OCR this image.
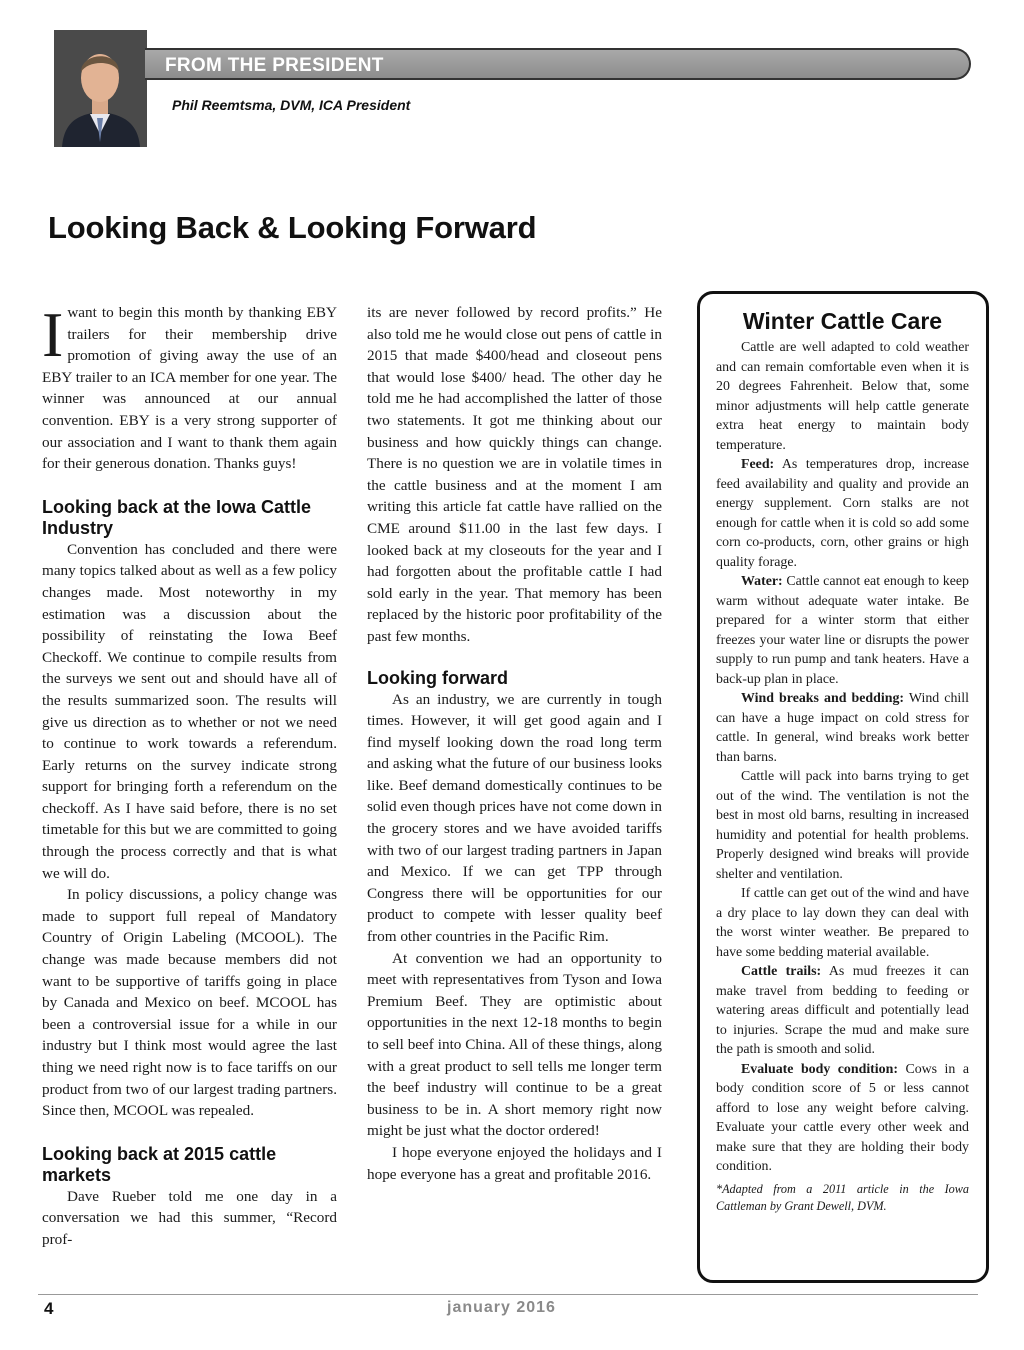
FROM THE PRESIDENT
Phil Reemtsma, DVM, ICA President
Looking Back & Looking Forward

Iwant to begin this month by thanking EBY trailers for their membership drive promotion of giving away the use of an EBY trailer to an ICA member for one year. The winner was announced at our annual convention. EBY is a very strong supporter of our association and I want to thank them again for their generous donation. Thanks guys!

Looking back at the Iowa Cattle Industry

Convention has concluded and there were many topics talked about as well as a few policy changes made. Most noteworthy in my estimation was a discussion about the possibility of reinstating the Iowa Beef Checkoff. We continue to compile results from the surveys we sent out and should have all of the results summarized soon. The results will give us direction as to whether or not we need to continue to work towards a referendum. Early returns on the survey indicate strong support for bringing forth a referendum on the checkoff. As I have said before, there is no set timetable for this but we are committed to going through the process correctly and that is what we will do.

In policy discussions, a policy change was made to support full repeal of Mandatory Country of Origin Labeling (MCOOL). The change was made because members did not want to be supportive of tariffs going in place by Canada and Mexico on beef. MCOOL has been a controversial issue for a while in our industry but I think most would agree the last thing we need right now is to face tariffs on our product from two of our largest trading partners. Since then, MCOOL was repealed.

Looking back at 2015 cattle markets

Dave Rueber told me one day in a conversation we had this summer, “Record prof-

its are never followed by record profits.” He also told me he would close out pens of cattle in 2015 that made $400/head and closeout pens that would lose $400/ head. The other day he told me he had accomplished the latter of those two statements. It got me thinking about our business and how quickly things can change. There is no question we are in volatile times in the cattle business and at the moment I am writing this article fat cattle have rallied on the CME around $11.00 in the last few days. I looked back at my closeouts for the year and I had forgotten about the profitable cattle I had sold early in the year. That memory has been replaced by the historic poor profitability of the past few months.

Looking forward

As an industry, we are currently in tough times. However, it will get good again and I find myself looking down the road long term and asking what the future of our business looks like. Beef demand domestically continues to be solid even though prices have not come down in the grocery stores and we have avoided tariffs with two of our largest trading partners in Japan and Mexico. If we can get TPP through Congress there will be opportunities for our product to compete with lesser quality beef from other countries in the Pacific Rim.

At convention we had an opportunity to meet with representatives from Tyson and Iowa Premium Beef. They are optimistic about opportunities in the next 12-18 months to begin to sell beef into China. All of these things, along with a great product to sell tells me longer term the beef industry will continue to be a great business to be in. A short memory right now might be just what the doctor ordered!

I hope everyone enjoyed the holidays and I hope everyone has a great and profitable 2016.

Winter Cattle Care

Cattle are well adapted to cold weather and can remain comfortable even when it is 20 degrees Fahrenheit. Below that, some minor adjustments will help cattle generate extra heat energy to maintain body temperature.

Feed: As temperatures drop, increase feed availability and quality and provide an energy supplement. Corn stalks are not enough for cattle when it is cold so add some corn co-products, corn, other grains or high quality forage.

Water: Cattle cannot eat enough to keep warm without adequate water intake. Be prepared for a winter storm that either freezes your water line or disrupts the power supply to run pump and tank heaters. Have a back-up plan in place.

Wind breaks and bedding: Wind chill can have a huge impact on cold stress for cattle. In general, wind breaks work better than barns.

Cattle will pack into barns trying to get out of the wind. The ventilation is not the best in most old barns, resulting in increased humidity and potential for health problems. Properly designed wind breaks will provide shelter and ventilation.

If cattle can get out of the wind and have a dry place to lay down they can deal with the worst winter weather. Be prepared to have some bedding material available.

Cattle trails: As mud freezes it can make travel from bedding to feeding or watering areas difficult and potentially lead to injuries. Scrape the mud and make sure the path is smooth and solid.

Evaluate body condition: Cows in a body condition score of 5 or less cannot afford to lose any weight before calving. Evaluate your cattle every other week and make sure that they are holding their body condition.

*Adapted from a 2011 article in the Iowa Cattleman by Grant Dewell, DVM.
4	january 2016
